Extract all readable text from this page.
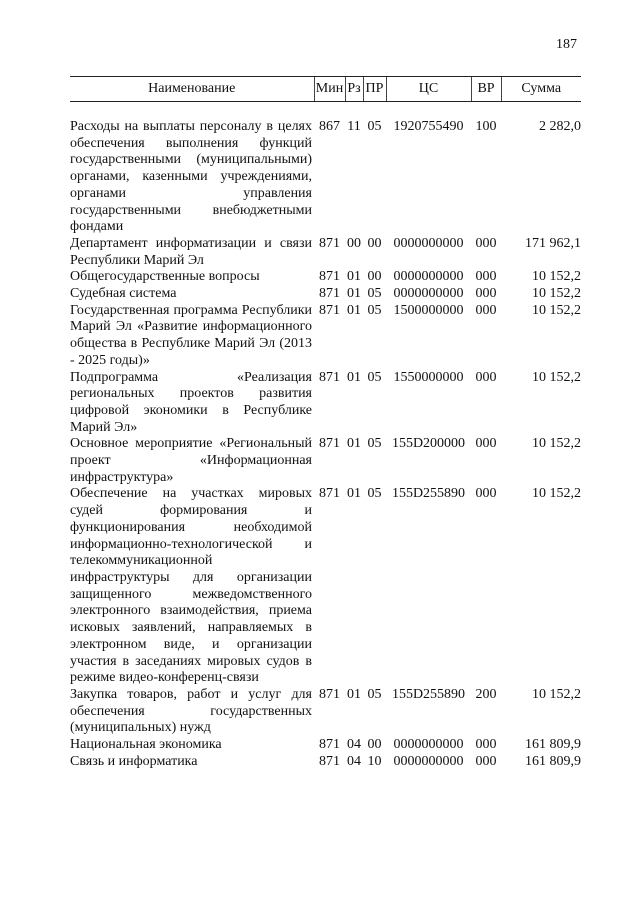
187
Наименование	Мин	Рз	ПР	ЦС	ВР	Сумма

Расходы на выплаты персоналу в целях обеспечения выполнения функций государственными (муниципальными) органами, казенными учреждениями, органами управления государственными внебюджетными фондами	867	11	05	1920755490	100	2 282,0
Департамент информатизации и связи Республики Марий Эл	871	00	00	0000000000	000	171 962,1
Общегосударственные вопросы	871	01	00	0000000000	000	10 152,2
Судебная система	871	01	05	0000000000	000	10 152,2
Государственная программа Республики Марий Эл «Развитие информационного общества в Республике Марий Эл (2013 - 2025 годы)»	871	01	05	1500000000	000	10 152,2
Подпрограмма «Реализация региональных проектов развития цифровой экономики в Республике Марий Эл»	871	01	05	1550000000	000	10 152,2
Основное мероприятие «Региональный проект «Информационная инфраструктура»	871	01	05	155D200000	000	10 152,2
Обеспечение на участках мировых судей формирования и функционирования необходимой информационно-технологической и телекоммуникационной инфраструктуры для организации защищенного межведомственного электронного взаимодействия, приема исковых заявлений, направляемых в электронном виде, и организации участия в заседаниях мировых судов в режиме видео-конференц-связи	871	01	05	155D255890	000	10 152,2
Закупка товаров, работ и услуг для обеспечения государственных (муниципальных) нужд	871	01	05	155D255890	200	10 152,2
Национальная экономика	871	04	00	0000000000	000	161 809,9
Связь и информатика	871	04	10	0000000000	000	161 809,9
